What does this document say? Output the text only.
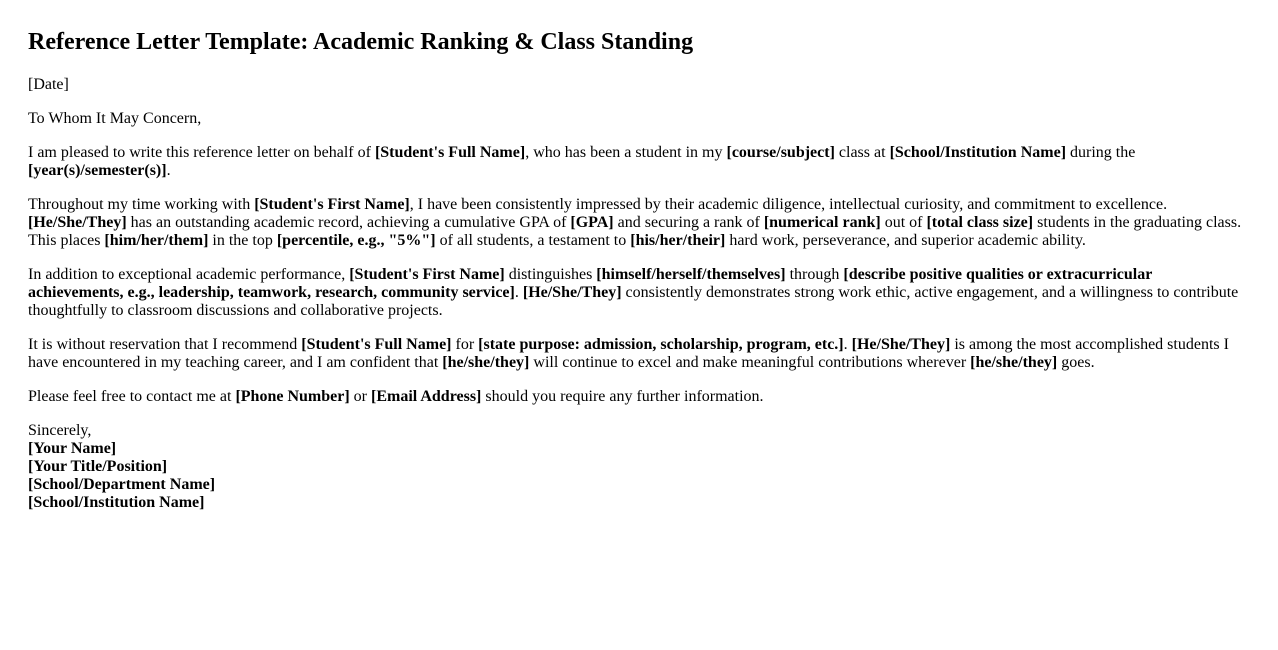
Reference Letter Template: Academic Ranking & Class Standing

[Date]

To Whom It May Concern,

I am pleased to write this reference letter on behalf of [Student's Full Name], who has been a student in my [course/subject] class at [School/Institution Name] during the [year(s)/semester(s)].

Throughout my time working with [Student's First Name], I have been consistently impressed by their academic diligence, intellectual curiosity, and commitment to excellence. [He/She/They] has an outstanding academic record, achieving a cumulative GPA of [GPA] and securing a rank of [numerical rank] out of [total class size] students in the graduating class. This places [him/her/them] in the top [percentile, e.g., "5%"] of all students, a testament to [his/her/their] hard work, perseverance, and superior academic ability.

In addition to exceptional academic performance, [Student's First Name] distinguishes [himself/herself/themselves] through [describe positive qualities or extracurricular achievements, e.g., leadership, teamwork, research, community service]. [He/She/They] consistently demonstrates strong work ethic, active engagement, and a willingness to contribute thoughtfully to classroom discussions and collaborative projects.

It is without reservation that I recommend [Student's Full Name] for [state purpose: admission, scholarship, program, etc.]. [He/She/They] is among the most accomplished students I have encountered in my teaching career, and I am confident that [he/she/they] will continue to excel and make meaningful contributions wherever [he/she/they] goes.

Please feel free to contact me at [Phone Number] or [Email Address] should you require any further information.

Sincerely,
[Your Name]
[Your Title/Position]
[School/Department Name]
[School/Institution Name]
